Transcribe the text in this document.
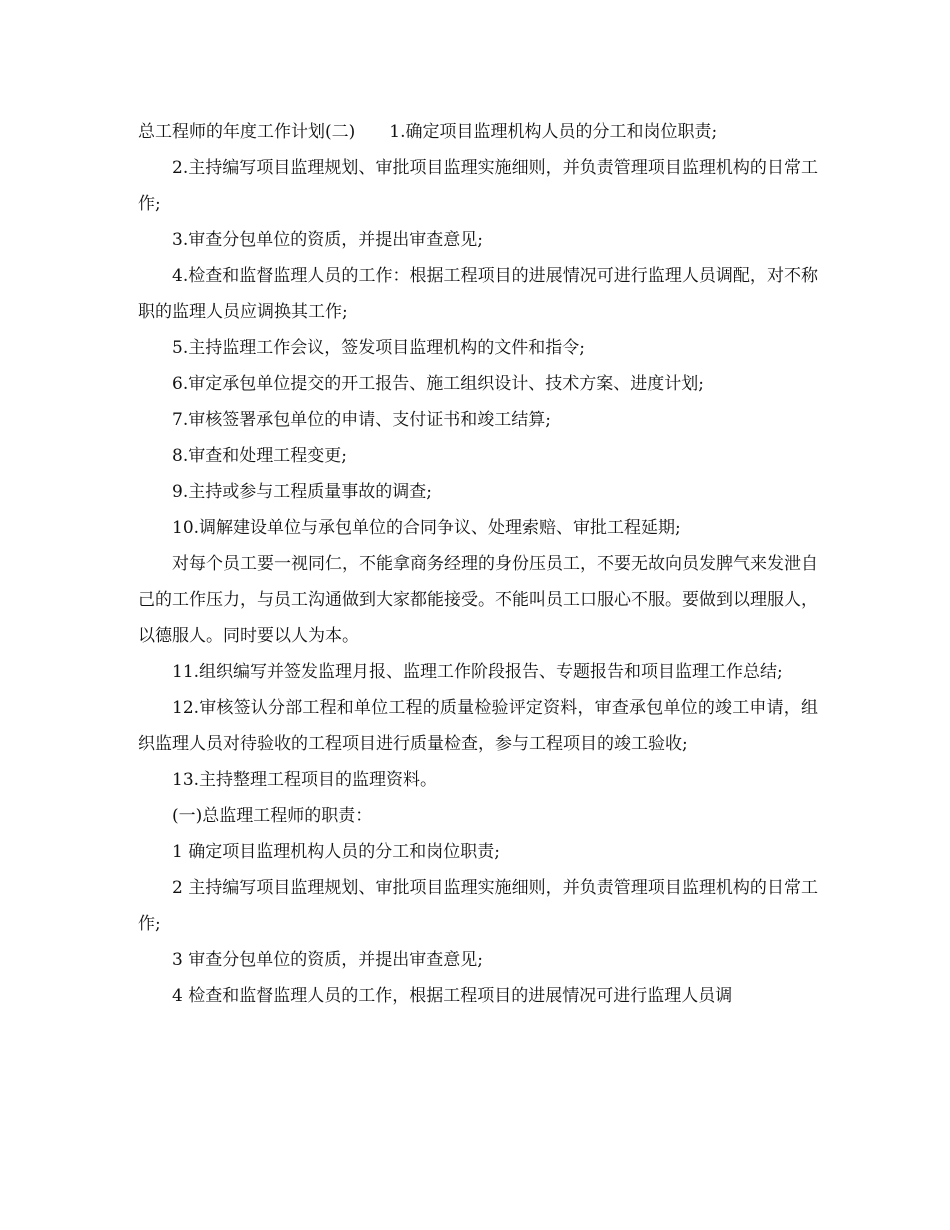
总工程师的年度工作计划(二)　　1.确定项目监理机构人员的分工和岗位职责;

2.主持编写项目监理规划、审批项目监理实施细则，并负责管理项目监理机构的日常工作;

3.审查分包单位的资质，并提出审查意见;

4.检查和监督监理人员的工作：根据工程项目的进展情况可进行监理人员调配，对不称职的监理人员应调换其工作;

5.主持监理工作会议，签发项目监理机构的文件和指令;

6.审定承包单位提交的开工报告、施工组织设计、技术方案、进度计划;

7.审核签署承包单位的申请、支付证书和竣工结算;

8.审查和处理工程变更;

9.主持或参与工程质量事故的调查;

10.调解建设单位与承包单位的合同争议、处理索赔、审批工程延期;

对每个员工要一视同仁，不能拿商务经理的身份压员工，不要无故向员发脾气来发泄自己的工作压力，与员工沟通做到大家都能接受。不能叫员工口服心不服。要做到以理服人，以德服人。同时要以人为本。

11.组织编写并签发监理月报、监理工作阶段报告、专题报告和项目监理工作总结;

12.审核签认分部工程和单位工程的质量检验评定资料，审查承包单位的竣工申请，组织监理人员对待验收的工程项目进行质量检查，参与工程项目的竣工验收;

13.主持整理工程项目的监理资料。

(一)总监理工程师的职责：

1 确定项目监理机构人员的分工和岗位职责;

2 主持编写项目监理规划、审批项目监理实施细则，并负责管理项目监理机构的日常工作;

3 审查分包单位的资质，并提出审查意见;

4 检查和监督监理人员的工作，根据工程项目的进展情况可进行监理人员调
